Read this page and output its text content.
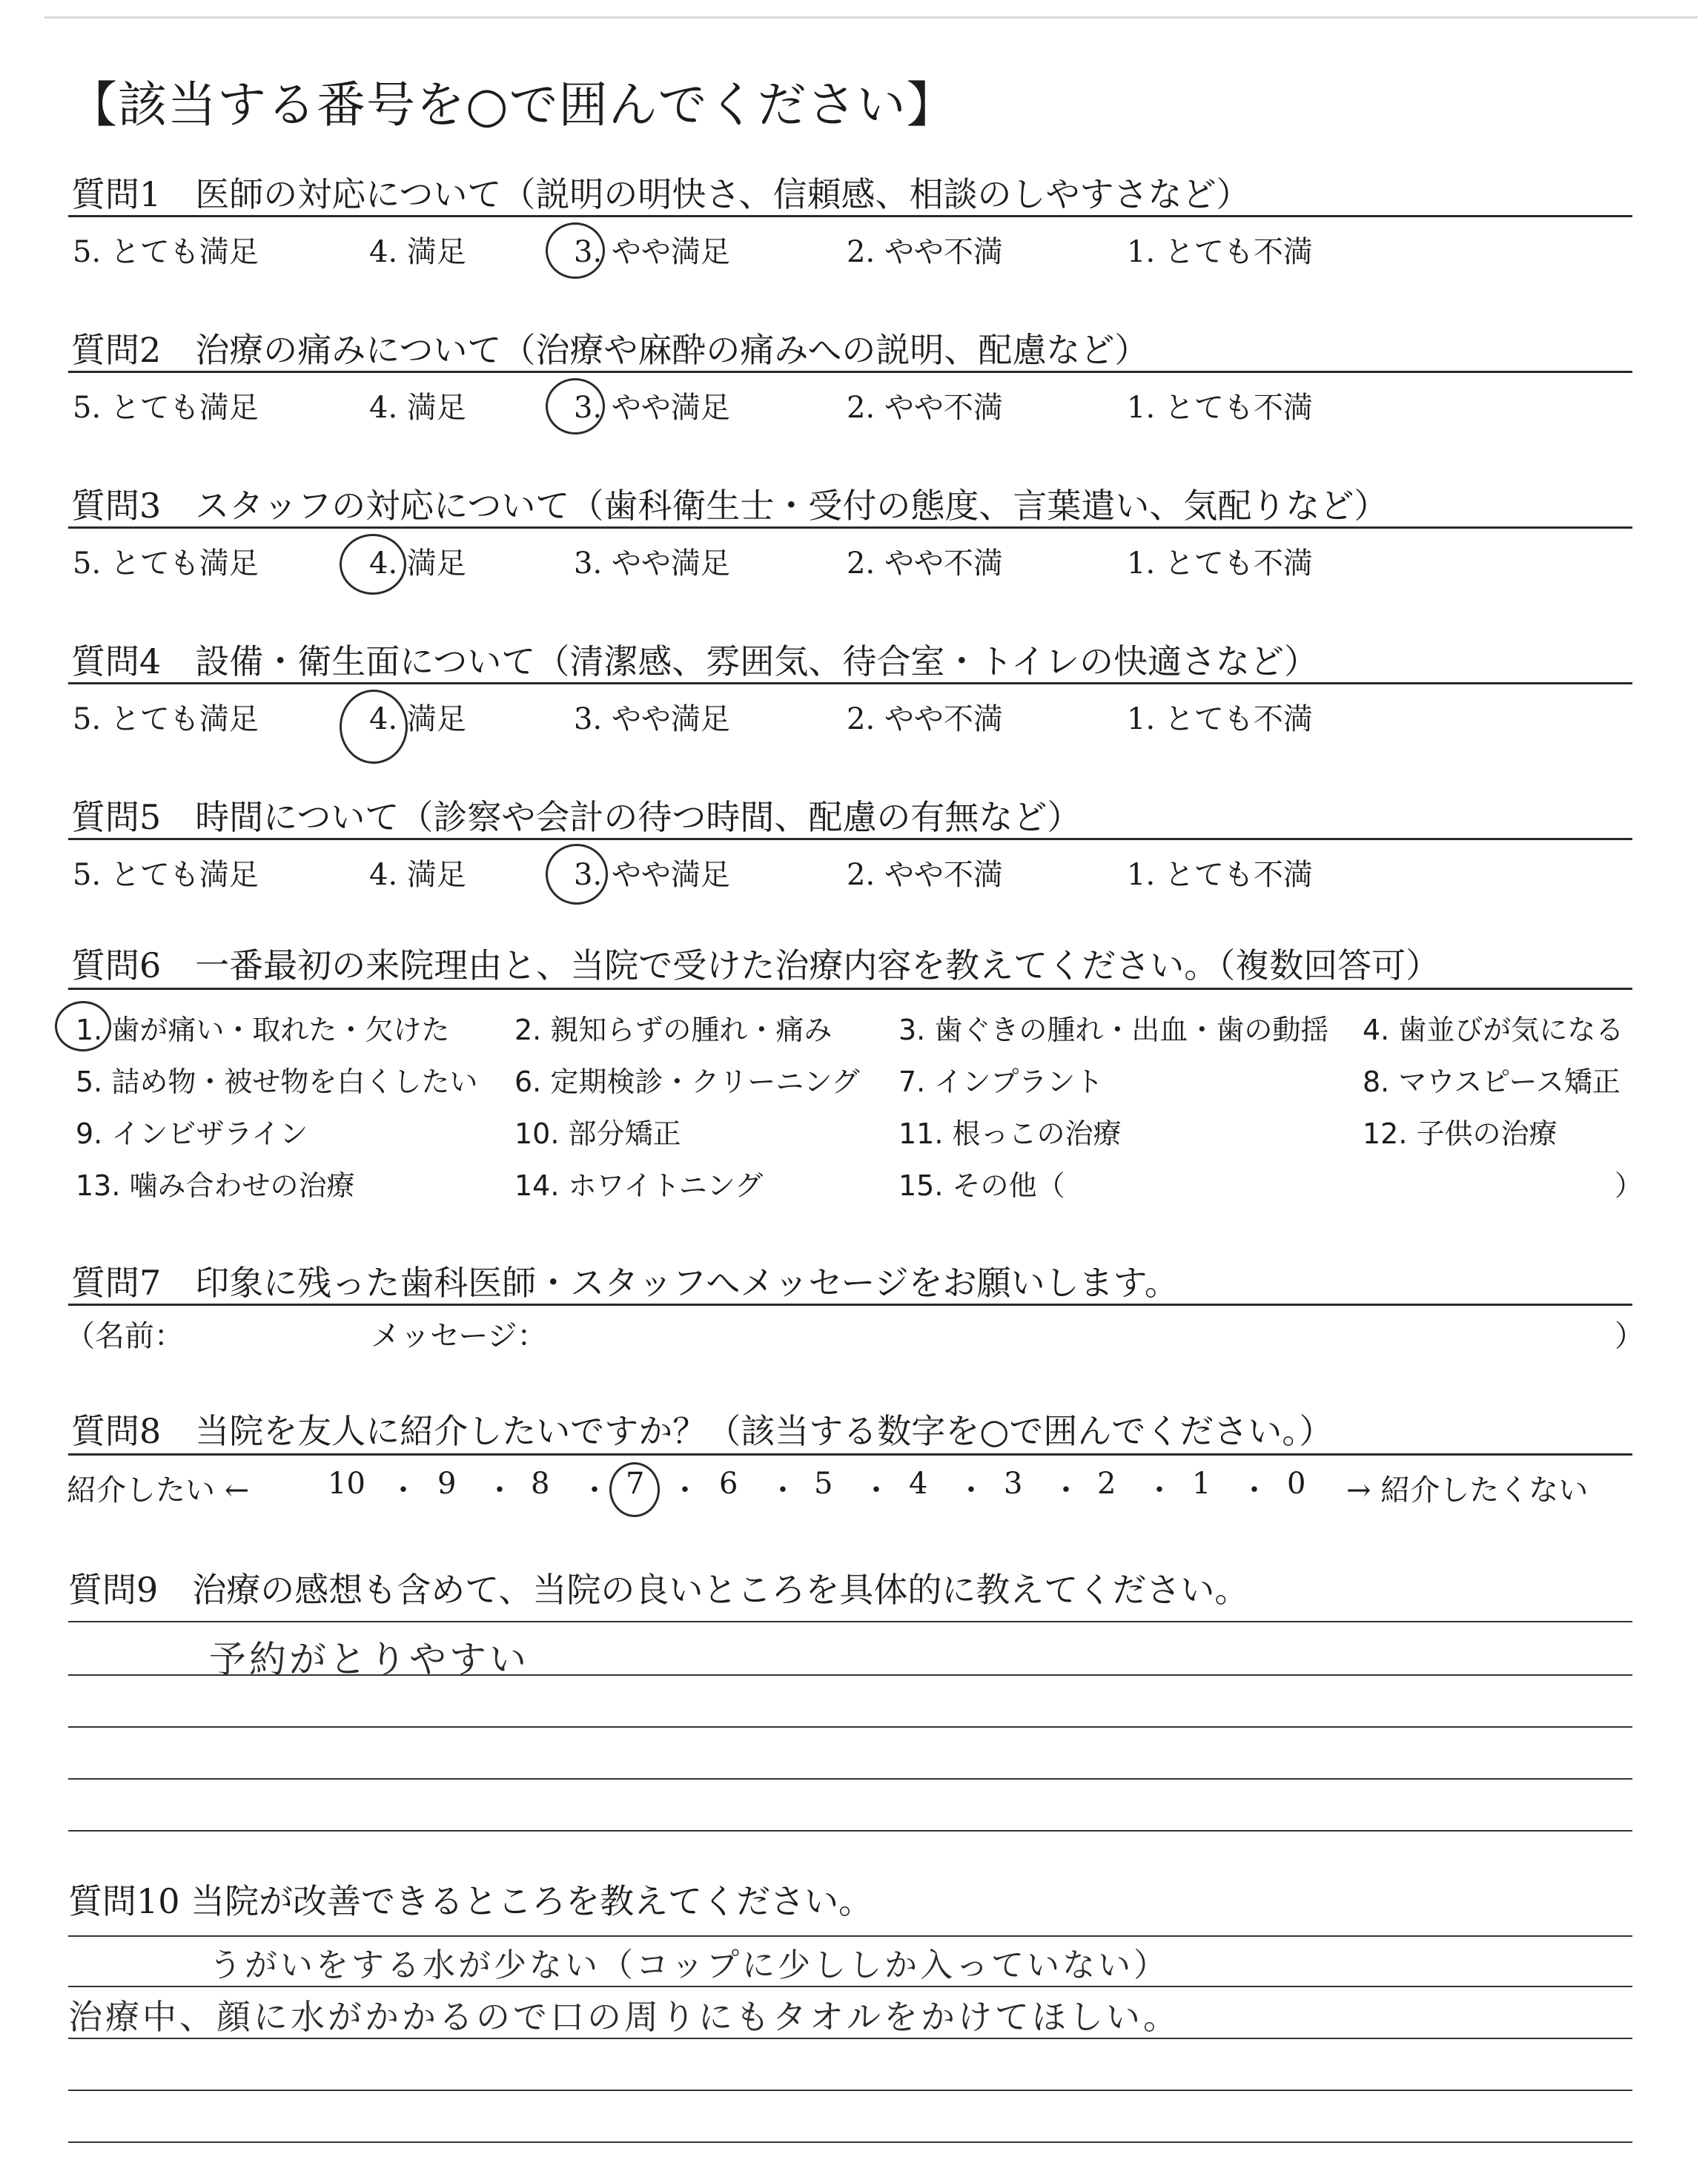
【該当する番号を○で囲んでください】
質問1　医師の対応について（説明の明快さ、信頼感、相談のしやすさなど）
5. とても満足	4. 満足	3. やや満足	2. やや不満	1. とても不満
質問2　治療の痛みについて（治療や麻酔の痛みへの説明、配慮など）
5. とても満足	4. 満足	3. やや満足	2. やや不満	1. とても不満
質問3　スタッフの対応について（歯科衛生士・受付の態度、言葉遣い、気配りなど）
5. とても満足	4. 満足	3. やや満足	2. やや不満	1. とても不満
質問4　設備・衛生面について（清潔感、雰囲気、待合室・トイレの快適さなど）
5. とても満足	4. 満足	3. やや満足	2. やや不満	1. とても不満
質問5　時間について（診察や会計の待つ時間、配慮の有無など）
5. とても満足	4. 満足	3. やや満足	2. やや不満	1. とても不満
質問6　一番最初の来院理由と、当院で受けた治療内容を教えてください。（複数回答可）
1. 歯が痛い・取れた・欠けた 2. 親知らずの腫れ・痛み 3. 歯ぐきの腫れ・出血・歯の動揺 4. 歯並びが気になる
5. 詰め物・被せ物を白くしたい 6. 定期検診・クリーニング 7. インプラント	8. マウスピース矯正
9. インビザライン	10. 部分矯正	11. 根っこの治療	12. 子供の治療
13. 噛み合わせの治療	14. ホワイトニング	15. その他（	）
質問7　印象に残った歯科医師・スタッフへメッセージをお願いします。
（名前：	メッセージ：	）
質問8　当院を友人に紹介したいですか？（該当する数字を○で囲んでください。）
紹介したい ←	10 9	8	7	6	5	4	3	2	1	0
・ ・ ・ ・ ・ ・ ・ ・ ・ ・	→ 紹介したくない
質問9　治療の感想も含めて、当院の良いところを具体的に教えてください。
予約がとりやすい
質問10 当院が改善できるところを教えてください。
うがいをする水が少ない（コップに少ししか入っていない）
治療中、顔に水がかかるので口の周りにもタオルをかけてほしい。
